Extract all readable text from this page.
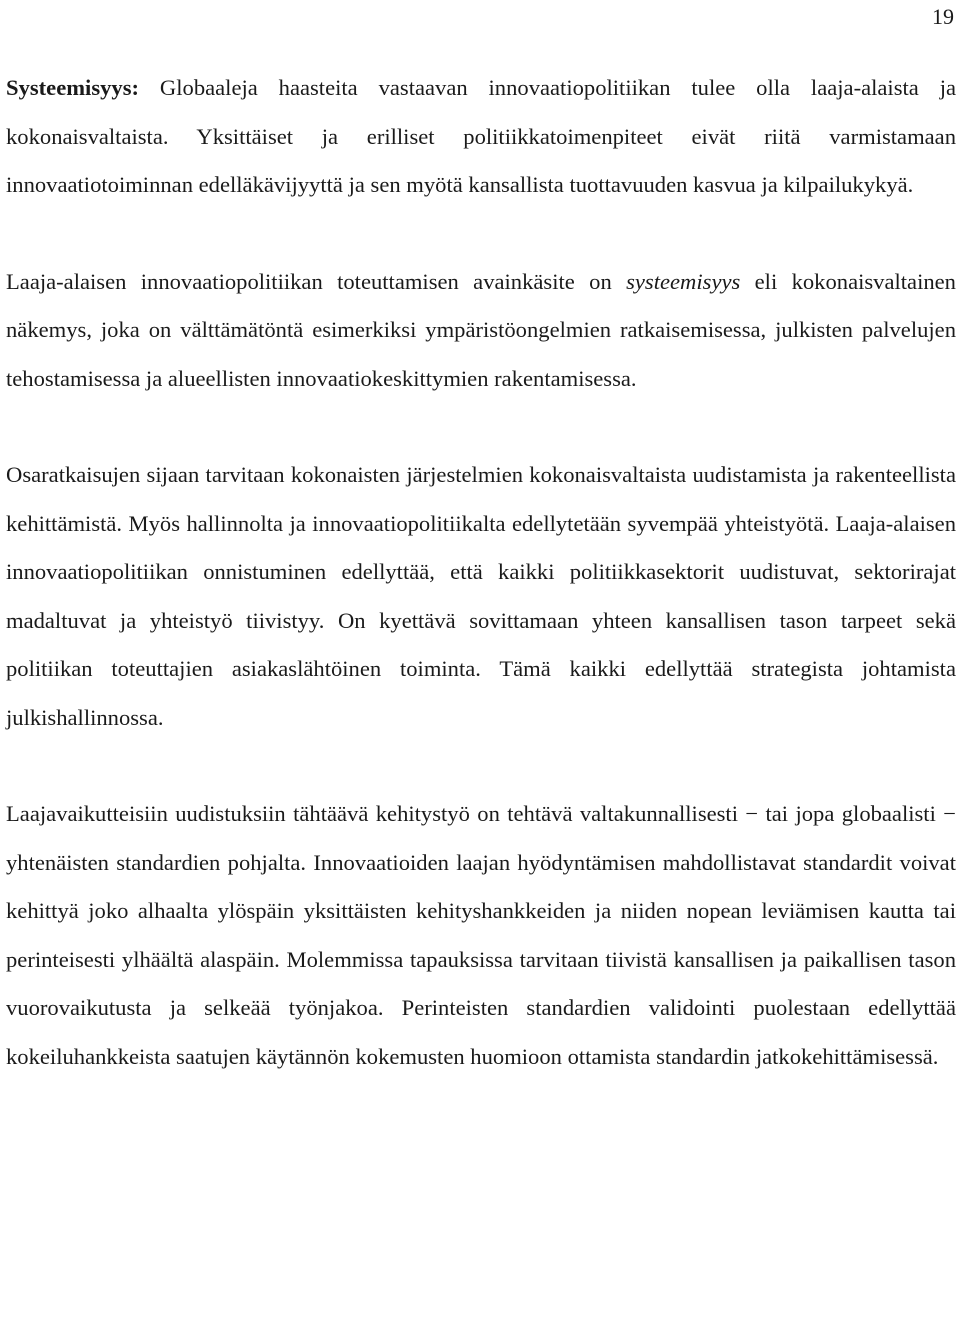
19

Systeemisyys: Globaaleja haasteita vastaavan innovaatiopolitiikan tulee olla laaja-alaista ja kokonaisvaltaista. Yksittäiset ja erilliset politiikkatoimenpiteet eivät riitä varmistamaan innovaatiotoiminnan edelläkävijyyttä ja sen myötä kansallista tuottavuuden kasvua ja kilpailukykyä.

Laaja-alaisen innovaatiopolitiikan toteuttamisen avainkäsite on systeemisyys eli kokonaisvaltainen näkemys, joka on välttämätöntä esimerkiksi ympäristöongelmien ratkaisemisessa, julkisten palvelujen tehostamisessa ja alueellisten innovaatiokeskittymien rakentamisessa.

Osaratkaisujen sijaan tarvitaan kokonaisten järjestelmien kokonaisvaltaista uudistamista ja rakenteellista kehittämistä. Myös hallinnolta ja innovaatiopolitiikalta edellytetään syvempää yhteistyötä. Laaja-alaisen innovaatiopolitiikan onnistuminen edellyttää, että kaikki politiikkasektorit uudistuvat, sektorirajat madaltuvat ja yhteistyö tiivistyy. On kyettävä sovittamaan yhteen kansallisen tason tarpeet sekä politiikan toteuttajien asiakaslähtöinen toiminta. Tämä kaikki edellyttää strategista johtamista julkishallinnossa.

Laajavaikutteisiin uudistuksiin tähtäävä kehitystyö on tehtävä valtakunnallisesti − tai jopa globaalisti − yhtenäisten standardien pohjalta. Innovaatioiden laajan hyödyntämisen mahdollistavat standardit voivat kehittyä joko alhaalta ylöspäin yksittäisten kehityshankkeiden ja niiden nopean leviämisen kautta tai perinteisesti ylhäältä alaspäin. Molemmissa tapauksissa tarvitaan tiivistä kansallisen ja paikallisen tason vuorovaikutusta ja selkeää työnjakoa. Perinteisten standardien validointi puolestaan edellyttää kokeiluhankkeista saatujen käytännön kokemusten huomioon ottamista standardin jatkokehittämisessä.
